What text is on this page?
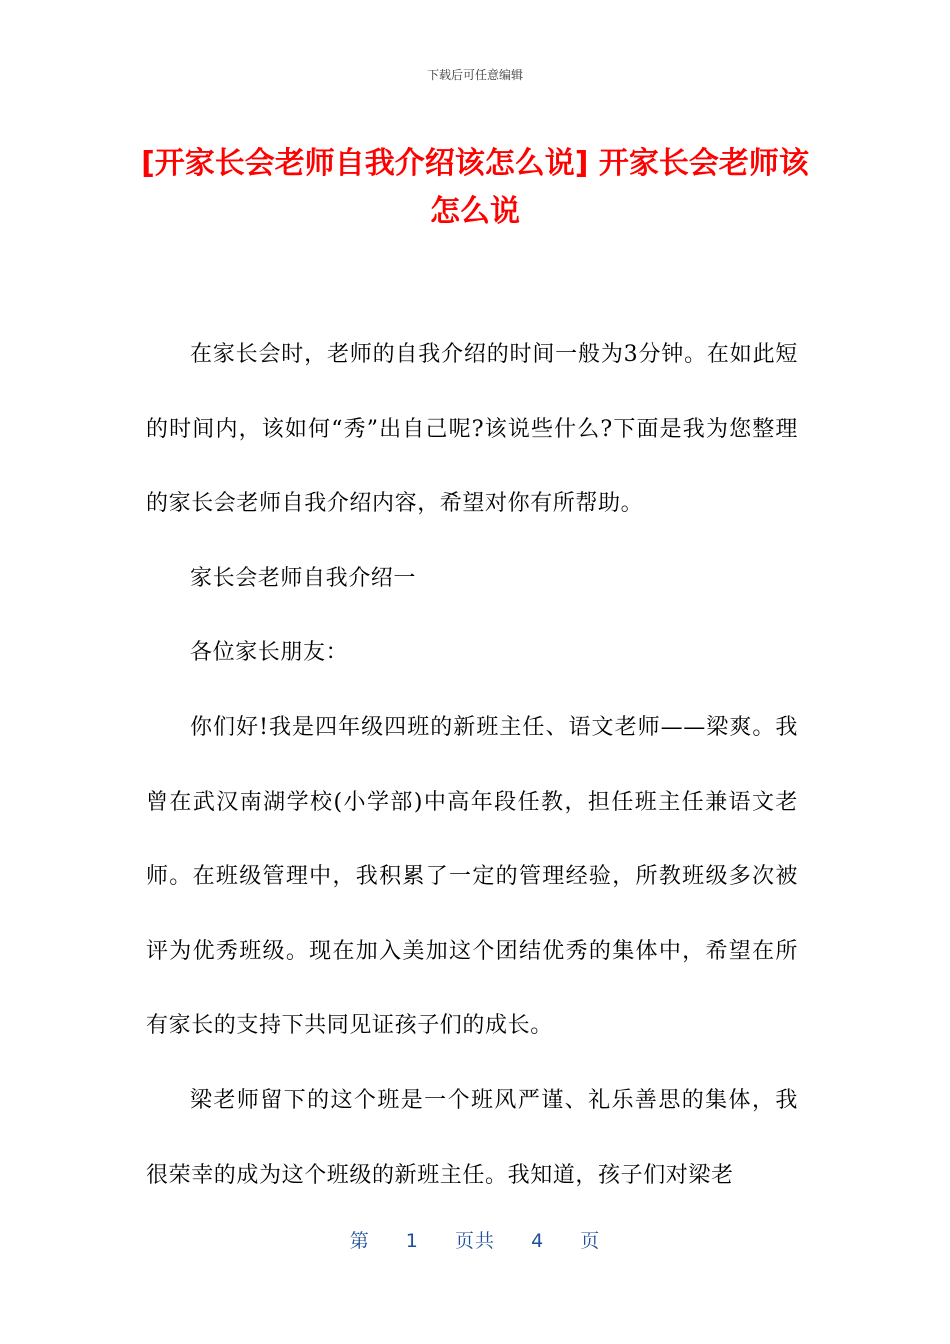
下载后可任意编辑
[开家长会老师自我介绍该怎么说] 开家长会老师该怎么说

在家长会时，老师的自我介绍的时间一般为3分钟。在如此短的时间内，该如何“秀”出自己呢?该说些什么?下面是我为您整理的家长会老师自我介绍内容，希望对你有所帮助。

家长会老师自我介绍一

各位家长朋友：

你们好!我是四年级四班的新班主任、语文老师——梁爽。我曾在武汉南湖学校(小学部)中高年段任教，担任班主任兼语文老师。在班级管理中，我积累了一定的管理经验，所教班级多次被评为优秀班级。现在加入美加这个团结优秀的集体中，希望在所有家长的支持下共同见证孩子们的成长。

梁老师留下的这个班是一个班风严谨、礼乐善思的集体，我很荣幸的成为这个班级的新班主任。我知道，孩子们对梁老

第 1 页共 4 页
